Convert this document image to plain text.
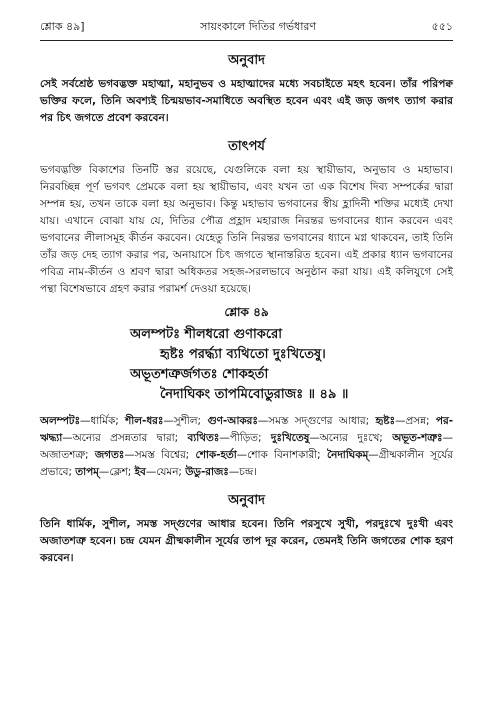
শ্লোক ৪৯]	সায়ংকালে দিতির গর্ভধারণ	৫৫১
অনুবাদ

সেই সর্বশ্রেষ্ঠ ভগবদ্ভক্ত মহাত্মা, মহানুভব ও মহাত্মাদের মধ্যে সবচাইতে মহৎ হবেন। তাঁর পরিপক্ব ভক্তির ফলে, তিনি অবশ্যই চিন্ময়ভাব-সমাধিতে অবস্থিত হবেন এবং এই জড় জগৎ ত্যাগ করার পর চিৎ জগতে প্রবেশ করবেন।

তাৎপর্য

ভগবদ্ভক্তি বিকাশের তিনটি স্তর রয়েছে, যেগুলিকে বলা হয় স্থায়ীভাব, অনুভাব ও মহাভাব। নিরবচ্ছিন্ন পূর্ণ ভগবৎ প্রেমকে বলা হয় স্থায়ীভাব, এবং যখন তা এক বিশেষ দিব্য সম্পর্কের দ্বারা সম্পন্ন হয়, তখন তাকে বলা হয় অনুভাব। কিন্তু মহাভাব ভগবানের স্বীয় হ্লাদিনী শক্তির মধ্যেই দেখা যায়। এখানে বোঝা যায় যে, দিতির পৌত্র প্রহ্লাদ মহারাজ নিরন্তর ভগবানের ধ্যান করবেন এবং ভগবানের লীলাসমূহ কীর্তন করবেন। যেহেতু তিনি নিরন্তর ভগবানের ধ্যানে মগ্ন থাকবেন, তাই তিনি তাঁর জড় দেহ ত্যাগ করার পর, অনায়াসে চিৎ জগতে স্থানান্তরিত হবেন। এই প্রকার ধ্যান ভগবানের পবিত্র নাম-কীর্তন ও শ্রবণ দ্বারা অধিকতর সহজ-সরলভাবে অনুষ্ঠান করা যায়। এই কলিযুগে সেই পন্থা বিশেষভাবে গ্রহণ করার পরামর্শ দেওয়া হয়েছে।

শ্লোক ৪৯
অলম্পটঃ শীলধরো গুণাকরো
হৃষ্টঃ পরর্দ্ধ্যা ব্যথিতো দুঃখিতেষু।
অভূতশত্রুর্জগতঃ শোকহর্তা
নৈদাঘিকং তাপমিবোডুরাজঃ ॥ ৪৯ ॥

অলম্পটঃ—ধার্মিক; শীল-ধরঃ—সুশীল; গুণ-আকরঃ—সমস্ত সদ্গুণের আধার; হৃষ্টঃ—প্রসন্ন; পর-ঋদ্ধ্যা—অন্যের প্রসন্নতার দ্বারা; ব্যথিতঃ—পীড়িত; দুঃখিতেষু—অন্যের দুঃখে; অভূত-শত্রুঃ—অজাতশত্রু; জগতঃ—সমস্ত বিশ্বের; শোক-হর্তা—শোক বিনাশকারী; নৈদাঘিকম্—গ্রীষ্মকালীন সূর্যের প্রভাবে; তাপম্—ক্লেশ; ইব—যেমন; উডু-রাজঃ—চন্দ্র।

অনুবাদ

তিনি ধার্মিক, সুশীল, সমস্ত সদ্গুণের আধার হবেন। তিনি পরসুখে সুখী, পরদুঃখে দুঃখী এবং অজাতশত্রু হবেন। চন্দ্র যেমন গ্রীষ্মকালীন সূর্যের তাপ দূর করেন, তেমনই তিনি জগতের শোক হরণ করবেন।
